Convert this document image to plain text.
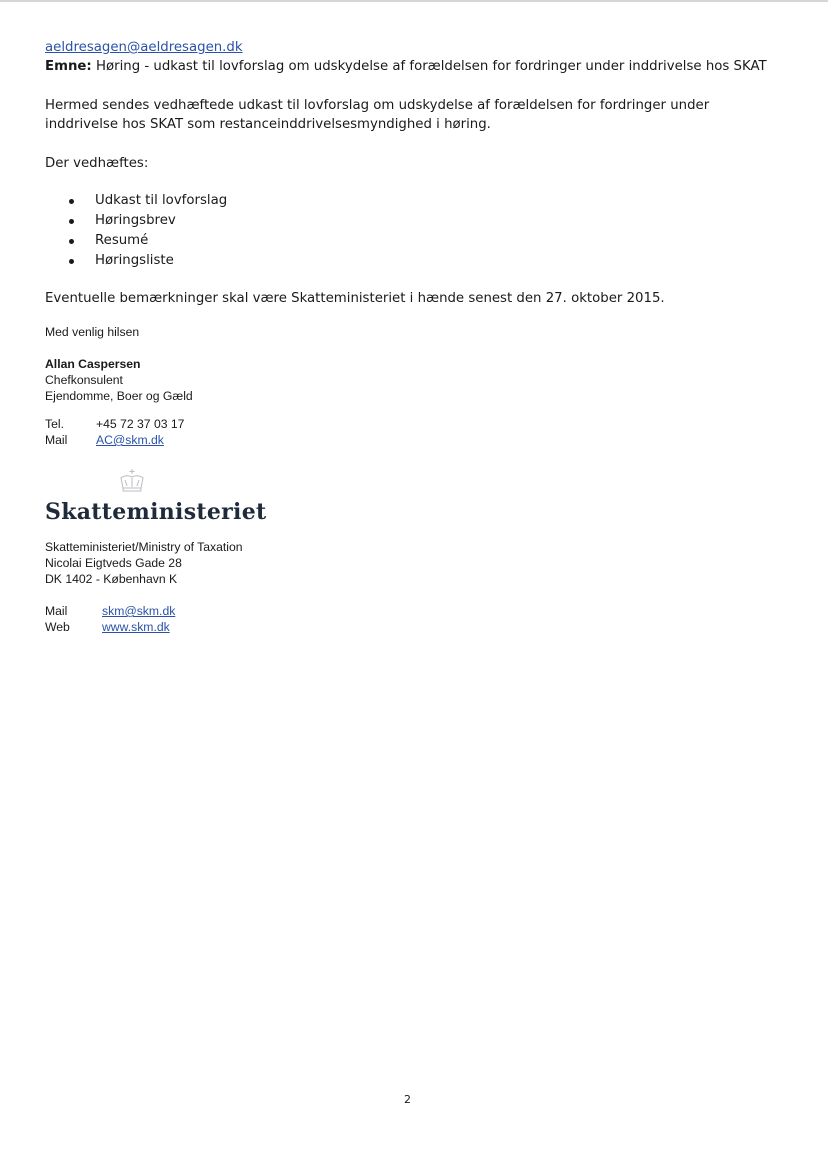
aeldresagen@aeldresagen.dk
Emne: Høring - udkast til lovforslag om udskydelse af forældelsen for fordringer under inddrivelse hos SKAT

Hermed sendes vedhæftede udkast til lovforslag om udskydelse af forældelsen for fordringer under inddrivelse hos SKAT som restanceinddrivelsesmyndighed i høring.

Der vedhæftes:

Udkast til lovforslag
Høringsbrev
Resumé
Høringsliste

Eventuelle bemærkninger skal være Skatteministeriet i hænde senest den 27. oktober 2015.

Med venlig hilsen

Allan Caspersen
Chefkonsulent
Ejendomme, Boer og Gæld
Tel.	+45 72 37 03 17
Mail	AC@skm.dk
Skatteministeriet
Skatteministeriet/Ministry of Taxation
Nicolai Eigtveds Gade 28
DK 1402 - København K
Mail	skm@skm.dk
Web	www.skm.dk
2
